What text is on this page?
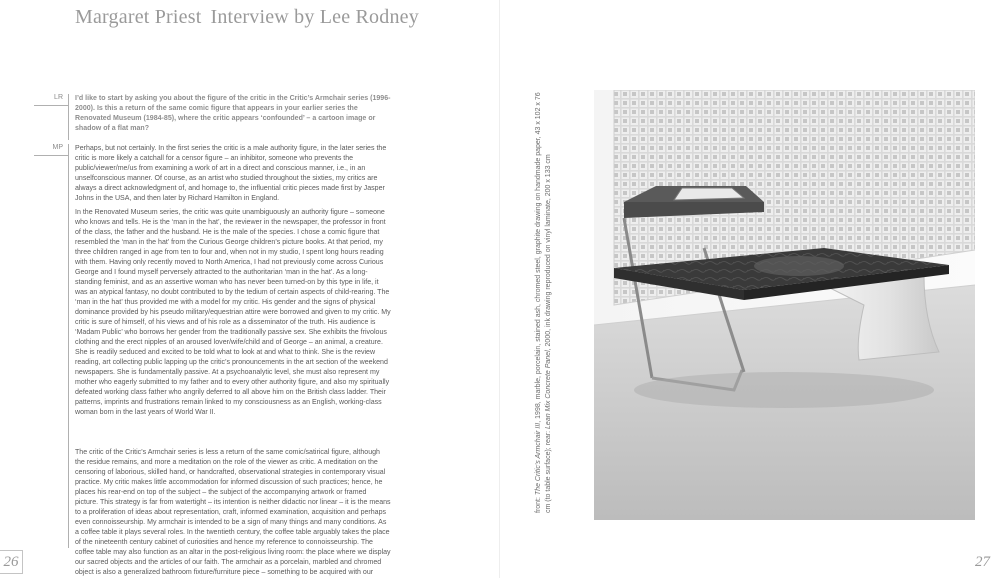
Margaret Priest Interview by Lee Rodney
LR	I’d like to start by asking you about the figure of the critic in the Critic’s Armchair series (1996-2000). Is this a return of the same comic figure that appears in your earlier series the Renovated Museum (1984-85), where the critic appears ‘confounded’ – a cartoon image or shadow of a flat man?

MP	Perhaps, but not certainly. In the first series the critic is a male authority figure, in the later series the critic is more likely a catchall for a censor figure – an inhibitor, someone who prevents the public/viewer/me/us from examining a work of art in a direct and conscious manner, i.e., in an unselfconscious manner. Of course, as an artist who studied throughout the sixties, my critics are always a direct acknowledgment of, and homage to, the influential critic pieces made first by Jasper Johns in the USA, and then later by Richard Hamilton in England.

In the Renovated Museum series, the critic was quite unambiguously an authority figure – someone who knows and tells. He is the ‘man in the hat’, the reviewer in the newspaper, the professor in front of the class, the father and the husband. He is the male of the species. I chose a comic figure that resembled the ‘man in the hat’ from the Curious George children’s picture books. At that period, my three children ranged in age from ten to four and, when not in my studio, I spent long hours reading with them. Having only recently moved to North America, I had not previously come across Curious George and I found myself perversely attracted to the authoritarian ‘man in the hat’. As a long-standing feminist, and as an assertive woman who has never been turned-on by this type in life, it was an atypical fantasy, no doubt contributed to by the tedium of certain aspects of child-rearing. The ‘man in the hat’ thus provided me with a model for my critic. His gender and the signs of physical dominance provided by his pseudo military/equestrian attire were borrowed and given to my critic. My critic is sure of himself, of his views and of his role as a disseminator of the truth. His audience is ‘Madam Public’ who borrows her gender from the traditionally passive sex. She exhibits the frivolous clothing and the erect nipples of an aroused lover/wife/child and of George – an animal, a creature. She is readily seduced and excited to be told what to look at and what to think. She is the review reading, art collecting public lapping up the critic’s pronouncements in the art section of the weekend newspapers. She is fundamentally passive. At a psychoanalytic level, she must also represent my mother who eagerly submitted to my father and to every other authority figure, and also my spiritually defeated working class father who angrily deferred to all above him on the British class ladder. Their patterns, imprints and frustrations remain linked to my consciousness as an English, working-class woman born in the last years of World War II.

The critic of the Critic’s Armchair series is less a return of the same comic/satirical figure, although the residue remains, and more a meditation on the role of the viewer as critic. A meditation on the censoring of laborious, skilled hand, or handcrafted, observational strategies in contemporary visual practice. My critic makes little accommodation for informed discussion of such practices; hence, he places his rear-end on top of the subject – the subject of the accompanying artwork or framed picture. This strategy is far from watertight – its intention is neither didactic nor linear – it is the means to a proliferation of ideas about representation, craft, informed examination, acquisition and perhaps even connoisseurship. My armchair is intended to be a sign of many things and many conditions. As a coffee table it plays several roles. In the twentieth century, the coffee table arguably takes the place of the nineteenth century cabinet of curiosities and hence my reference to connoisseurship. The coffee table may also function as an altar in the post-religious living room: the place where we display our sacred objects and the articles of our faith. The armchair as a porcelain, marbled and chromed object is also a generalized bathroom fixture/furniture piece – something to be acquired with our

26	27
front: The Critic’s Armchair III, 1998, marble, porcelain, stained ash, chromed steel, graphite drawing on handmade paper, 43 x 102 x 76 cm (to table surface); rear: Lean Mix Concrete Panel, 2000, ink drawing reproduced on vinyl laminate, 200 x 133 cm
